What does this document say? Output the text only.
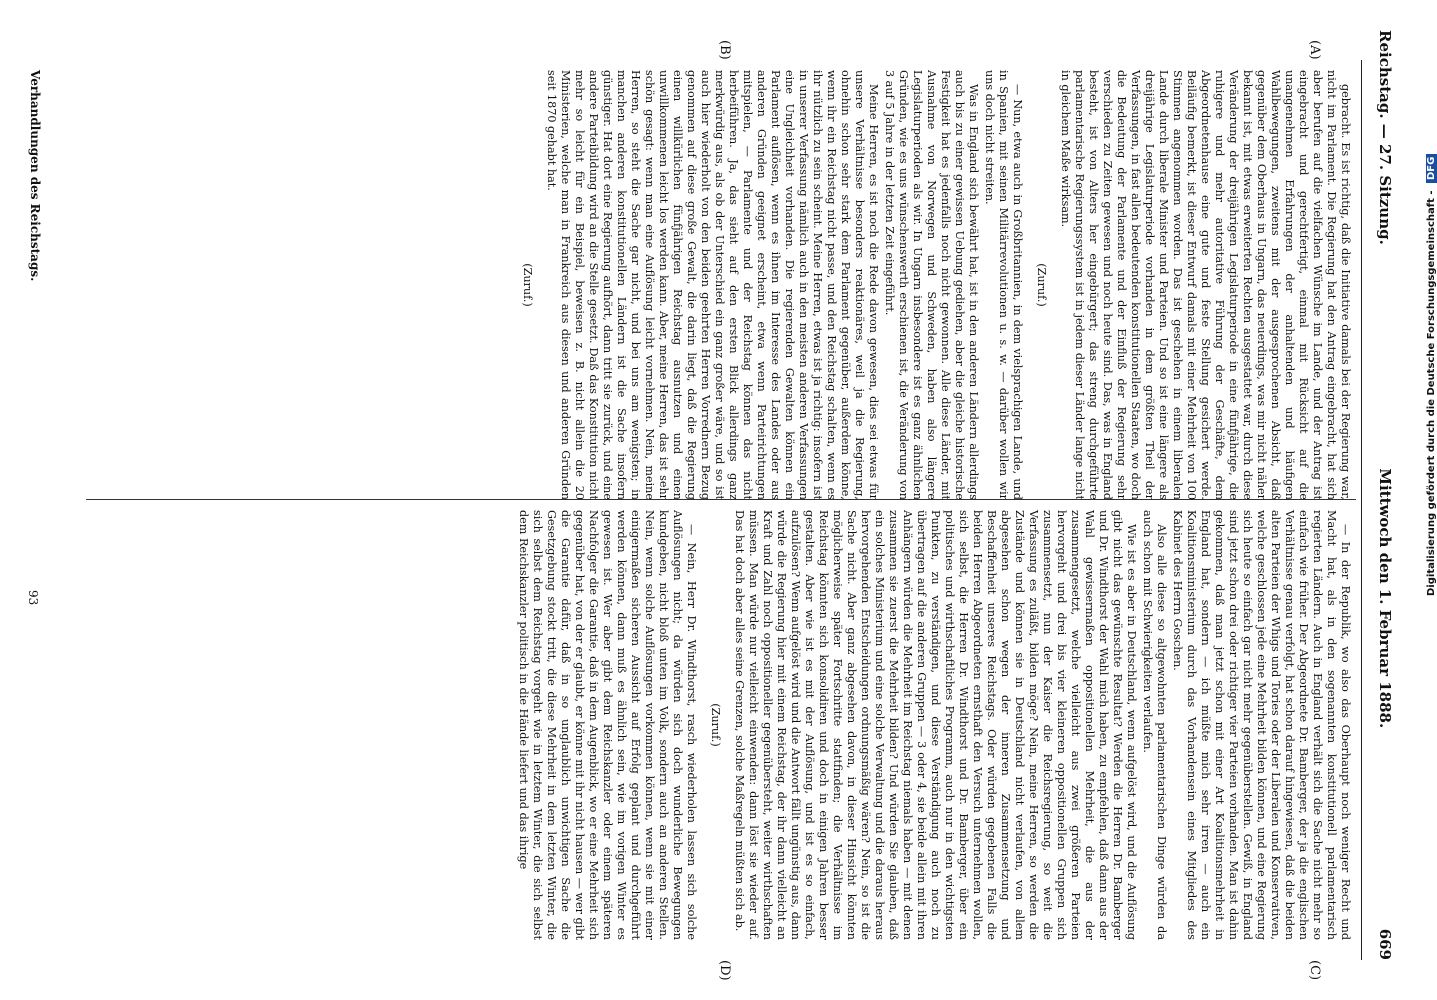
Reichstag. — 27. Sitzung.
Mittwoch den 1. Februar 1888.  669
(A)
(B)
(C)
(D)

gebracht. Es ist richtig, daß die Initiative damals bei der Regierung war, nicht im Parlament. Die Regierung hat den Antrag eingebracht, hat sich aber berufen auf die vielfachen Wünsche im Lande, und der Antrag ist eingebracht und gerechtfertigt, einmal mit Rücksicht auf die unangenehmen Erfahrungen der anhaltenden und häufigen Wahlbewegungen, zweitens mit der ausgesprochenen Absicht, daß gegenüber dem Oberhaus in Ungarn, das neuerdings, was mir nicht näher bekannt ist, mit etwas erweiterten Rechten ausgestattet war, durch diese Veränderung der dreijährigen Legislaturperiode in eine fünfjährige, die ruhigere und mehr autoritative Führung der Geschäfte, dem Abgeordnetenhause eine gute und feste Stellung gesichert werde. Beiläufig bemerkt, ist dieser Entwurf damals mit einer Mehrheit von 100 Stimmen angenommen worden. Das ist geschehen in einem liberalen Lande durch liberale Minister und Parteien. Und so ist eine längere als dreijährige Legislaturperiode vorhanden in dem größten Theil der Verfassungen, in fast allen bedeutenden konstitutionellen Staaten, wo doch die Bedeutung der Parlamente und der Einfluß der Regierung sehr verschieden zu Zeiten gewesen und noch heute sind. Das, was in England besteht, ist von Alters her eingebürgert; das streng durchgeführte parlamentarische Regierungssystem ist in jedem dieser Länder lange nicht in gleichem Maße wirksam.

(Zuruf.)

— Nun, etwa auch in Großbritannien, in dem vielsprachigen Lande, und in Spanien, mit seinen Militärrevolutionen u. s. w. — darüber wollen wir uns doch nicht streiten.

Was in England sich bewährt hat, ist in den anderen Ländern allerdings auch bis zu einer gewissen Uebung gediehen, aber die gleiche historische Festigkeit hat es jedenfalls noch nicht gewonnen. Alle diese Länder, mit Ausnahme von Norwegen und Schweden, haben also längere Legislaturperioden als wir. In Ungarn insbesondere ist es ganz ähnlichen Gründen, wie es uns wünschenswerth erschienen ist, die Veränderung von 3 auf 5 Jahre in der letzten Zeit eingeführt.

Meine Herren, es ist noch die Rede davon gewesen, dies sei etwas für unsere Verhältnisse besonders reaktionäres, weil ja die Regierung, ohnehin schon sehr stark dem Parlament gegenüber, außerdem könne, wenn ihr ein Reichstag nicht passe, und den Reichstag schalten, wenn es ihr nützlich zu sein scheint. Meine Herren, etwas ist ja richtig: insofern ist in unserer Verfassung nämlich auch in den meisten anderen Verfassungen eine Ungleichheit vorhanden. Die regierenden Gewalten können ein Parlament auflösen, wenn es ihnen im Interesse des Landes oder aus anderen Gründen geeignet erscheint, etwa wenn Parteirichtungen mitspielen, — Parlamente und der Reichstag können das nicht herbeiführen. Ja, das sieht auf den ersten Blick allerdings ganz merkwürdig aus, als ob der Unterschied ein ganz großer wäre, und so ist auch hier wiederholt von den beiden geehrten Herren Vorrednern Bezug genommen auf diese große Gewalt, die darin liegt, daß die Regierung einen willkürlichen fünfjährigen Reichstag ausnutzen und einen unwillkommenen leicht los werden kann. Aber, meine Herren, das ist sehr schön gesagt: wenn man eine Auflösung leicht vornehmen. Nein, meine Herren, so steht die Sache gar nicht, und bei uns am wenigsten; in manchen anderen konstitutionellen Ländern ist die Sache insofern günstiger. Hat dort eine Regierung aufhört, dann tritt sie zurück, und eine andere Parteibildung wird an die Stelle gesetzt. Daß das Konstitution nicht mehr so leicht für ein Beispiel, beweisen z. B. nicht allein die 20 Ministerien, welche man in Frankreich aus diesen und anderen Gründen seit 1870 gehabt hat.

(Zuruf.)

— In der Republik, wo also das Oberhaupt noch weniger Recht und Macht hat, als in den sogenannten konstitutionell parlamentarisch regierten Ländern. Auch in England verhält sich die Sache nicht mehr so einfach wie früher. Der Abgeordnete Dr. Bamberger, der ja die englischen Verhältnisse genau verfolgt, hat schon darauf hingewiesen, daß die beiden alten Parteien der Whigs und Tories oder der Liberalen und Konservativen, welche geschlossen jede eine Mehrheit bilden können, und eine Regierung sich heute so einfach gar nicht mehr gegenüberstellen. Gewiß, in England sind jetzt schon drei oder richtiger vier Parteien vorhanden. Man ist dahin gekommen, daß man jetzt schon mit einer Art Koalitionsmehrheit in England hat, sondern — ich müßte mich sehr irren — auch ein Koalitionsministerium durch das Vorhandensein eines Mitgliedes des Kabinet des Herrn Goschen.

Also alle diese so altgewohnten parlamentarischen Dinge würden da auch schon mit Schwierigkeiten verlaufen.

Wie ist es aber in Deutschland, wenn aufgelöst wird, und die Auflösung gibt nicht das gewünschte Resultat? Werden die Herren Dr. Bamberger und Dr. Windthorst der Wahl mich haben, zu empfehlen, daß dann aus der Wahl gewissermaßen oppositionellen Mehrheit, die aus der zusammengesetzt, welche vielleicht aus zwei größeren Parteien hervorgeht und drei bis vier kleineren oppositionellen Gruppen sich zusammensetzt, nun der Kaiser die Reichsregierung, so weit die Verfassung es zuläßt, bilden möge? Nein, meine Herren, so werden die Zustände und können sie in Deutschland nicht verlaufen, von allem abgesehen schon wegen der inneren Zusammensetzung und Beschaffenheit unseres Reichstags. Oder würden gegebenen Falls die beiden Herren Abgeordneten ernsthaft den Versuch unternehmen wollen, sich selbst, die Herren Dr. Windthorst und Dr. Bamberger, über ein politisches und wirthschaftliches Programm, auch nur in den wichtigsten Punkten, zu verständigen, und diese Verständigung auch noch zu übertragen auf die anderen Gruppen — 3 oder 4, sie beide allein mit ihren Anhängern würden die Mehrheit im Reichstag niemals haben — mit denen zusammen sie zuerst die Mehrheit bilden? Und würden Sie glauben, daß ein solches Ministerium und eine solche Verwaltung und die daraus heraus hervorgehenden Entscheidungen ordnungsmäßig wären? Nein, so ist die Sache nicht. Aber ganz abgesehen davon, in dieser Hinsicht könnten möglicherweise später Fortschritte stattfinden; die Verhältnisse im Reichstag könnten sich konsolidiren und doch in einigen Jahren besser gestalten. Aber wie ist es mit der Auflösung, und ist es so einfach, aufzulösen? Wenn aufgelöst wird und die Antwort fällt ungünstig aus, dann würde die Regierung hier mit einem Reichstag, der ihr dann vielleicht an Kraft und Zahl noch oppositioneller gegenübersteht, weiter wirthschaften müssen. Man würde nur vielleicht einwenden: dann löst sie wieder auf. Das hat doch aber alles seine Grenzen, solche Maßregeln müßten sich ab.

(Zuruf.)

— Nein, Herr Dr. Windthorst, rasch wiederholen lassen sich solche Auflösungen nicht; da würden sich doch wunderliche Bewegungen kundgeben, nicht bloß unten im Volk, sondern auch an anderen Stellen. Nein, wenn solche Auflösungen vorkommen können, wenn sie mit einer einigermaßen sicheren Aussicht auf Erfolg geplant und durchgeführt werden können, dann muß es ähnlich sein, wie im vorigen Winter es gewesen ist. Wer aber gibt dem Reichskanzler oder einem späteren Nachfolger die Garantie, daß in dem Augenblick, wo er eine Mehrheit sich gegenüber hat, von der er glaubt, er könne mit ihr nicht hausen — wer gibt die Garantie dafür, daß in so unglaublich unwichtigen Sache die Gesetzgebung stockt tritt, die diese Mehrheit in dem letzten Winter, die sich selbst dem Reichstag vorgeht wie in letztem Winter, die sich selbst dem Reichskanzler politisch in die Hände liefert und das ihrige

Verhandlungen des Reichstags.
93
Digitalisierung gefördert durch die Deutsche Forschungsgemeinschaft - DFG
